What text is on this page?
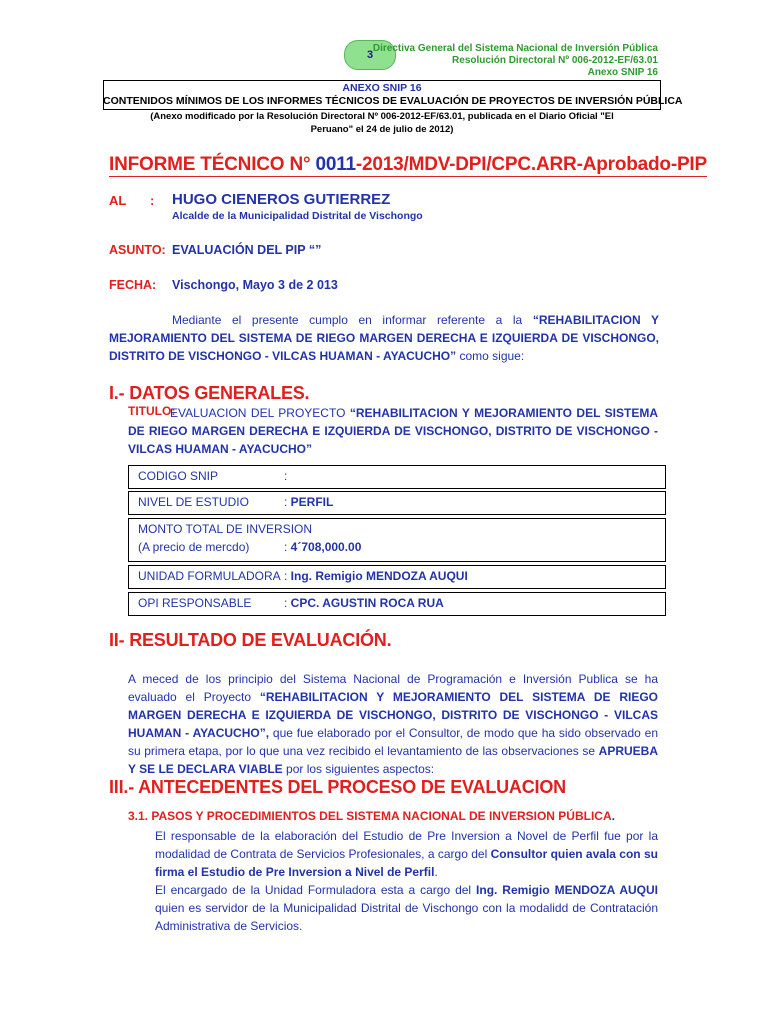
3
Directiva General del Sistema Nacional de Inversión Pública
Resolución Directoral Nº 006-2012-EF/63.01
Anexo SNIP 16
ANEXO SNIP 16
CONTENIDOS MÍNIMOS DE LOS INFORMES TÉCNICOS DE EVALUACIÓN DE PROYECTOS DE INVERSIÓN PÚBLICA
(Anexo modificado por la Resolución Directoral Nº 006-2012-EF/63.01, publicada en el Diario Oficial "El
Peruano" el 24 de julio de 2012)
INFORME TÉCNICO N° 0011-2013/MDV-DPI/CPC.ARR-Aprobado-PIP
AL : HUGO CIENEROS GUTIERREZ
Alcalde de la Municipalidad Distrital de Vischongo
ASUNTO: EVALUACIÓN DEL PIP “”
FECHA: Vischongo, Mayo 3 de 2 013
Mediante el presente cumplo en informar referente a la “REHABILITACION Y MEJORAMIENTO DEL SISTEMA DE RIEGO MARGEN DERECHA E IZQUIERDA DE VISCHONGO, DISTRITO DE VISCHONGO - VILCAS HUAMAN - AYACUCHO” como sigue:
I.- DATOS GENERALES.
TITULO:
EVALUACION DEL PROYECTO “REHABILITACION Y MEJORAMIENTO DEL SISTEMA DE RIEGO MARGEN DERECHA E IZQUIERDA DE VISCHONGO, DISTRITO DE VISCHONGO - VILCAS HUAMAN - AYACUCHO”
CODIGO SNIP	:
NIVEL DE ESTUDIO	: PERFIL
MONTO TOTAL DE INVERSION
(A precio de mercdo)	: 4´708,000.00
UNIDAD FORMULADORA : Ing. Remigio MENDOZA AUQUI
OPI RESPONSABLE	: CPC. AGUSTIN ROCA RUA
II- RESULTADO DE EVALUACIÓN.
A meced de los principio del Sistema Nacional de Programación e Inversión Publica se ha evaluado el Proyecto “REHABILITACION Y MEJORAMIENTO DEL SISTEMA DE RIEGO MARGEN DERECHA E IZQUIERDA DE VISCHONGO, DISTRITO DE VISCHONGO - VILCAS HUAMAN - AYACUCHO”, que fue elaborado por el Consultor, de modo que ha sido observado en su primera etapa, por lo que una vez recibido el levantamiento de las observaciones se APRUEBA Y SE LE DECLARA VIABLE por los siguientes aspectos:
III.- ANTECEDENTES DEL PROCESO DE EVALUACION
3.1. PASOS Y PROCEDIMIENTOS DEL SISTEMA NACIONAL DE INVERSION PÚBLICA.
El responsable de la elaboración del Estudio de Pre Inversion a Novel de Perfil fue por la modalidad de Contrata de Servicios Profesionales, a cargo del Consultor quien avala con su firma el Estudio de Pre Inversion a Nivel de Perfil.
El encargado de la Unidad Formuladora esta a cargo del Ing. Remigio MENDOZA AUQUI quien es servidor de la Municipalidad Distrital de Vischongo con la modalidd de Contratación Administrativa de Servicios.
